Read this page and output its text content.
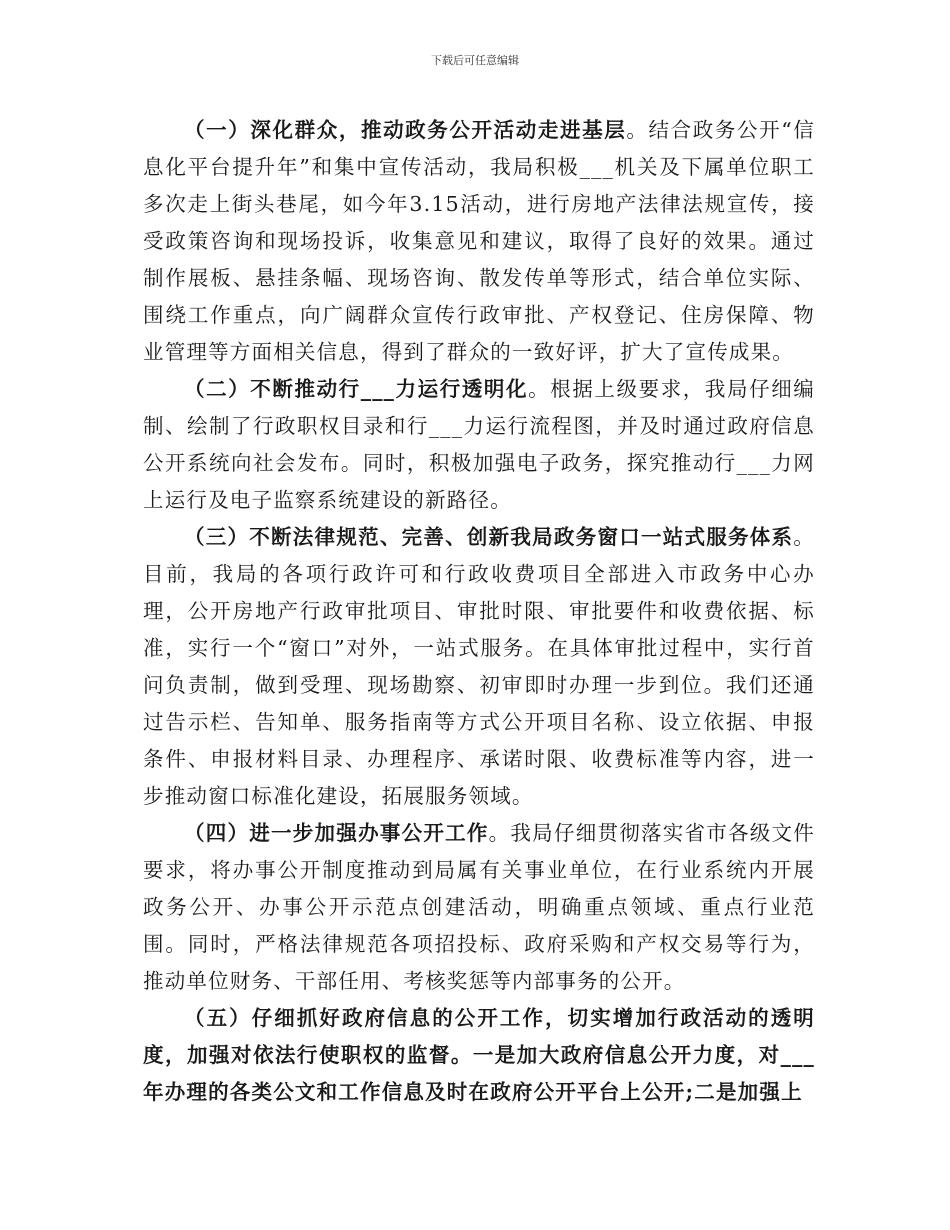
下载后可任意编辑

（一）深化群众，推动政务公开活动走进基层。结合政务公开“信息化平台提升年”和集中宣传活动，我局积极___机关及下属单位职工多次走上街头巷尾，如今年3.15活动，进行房地产法律法规宣传，接受政策咨询和现场投诉，收集意见和建议，取得了良好的效果。通过制作展板、悬挂条幅、现场咨询、散发传单等形式，结合单位实际、围绕工作重点，向广阔群众宣传行政审批、产权登记、住房保障、物业管理等方面相关信息，得到了群众的一致好评，扩大了宣传成果。

（二）不断推动行___力运行透明化。根据上级要求，我局仔细编制、绘制了行政职权目录和行___力运行流程图，并及时通过政府信息公开系统向社会发布。同时，积极加强电子政务，探究推动行___力网上运行及电子监察系统建设的新路径。

（三）不断法律规范、完善、创新我局政务窗口一站式服务体系。目前，我局的各项行政许可和行政收费项目全部进入市政务中心办理，公开房地产行政审批项目、审批时限、审批要件和收费依据、标准，实行一个“窗口”对外，一站式服务。在具体审批过程中，实行首问负责制，做到受理、现场勘察、初审即时办理一步到位。我们还通过告示栏、告知单、服务指南等方式公开项目名称、设立依据、申报条件、申报材料目录、办理程序、承诺时限、收费标准等内容，进一步推动窗口标准化建设，拓展服务领域。

（四）进一步加强办事公开工作。我局仔细贯彻落实省市各级文件要求，将办事公开制度推动到局属有关事业单位，在行业系统内开展政务公开、办事公开示范点创建活动，明确重点领域、重点行业范围。同时，严格法律规范各项招投标、政府采购和产权交易等行为，推动单位财务、干部任用、考核奖惩等内部事务的公开。

（五）仔细抓好政府信息的公开工作，切实增加行政活动的透明度，加强对依法行使职权的监督。一是加大政府信息公开力度，对___年办理的各类公文和工作信息及时在政府公开平台上公开;二是加强上
